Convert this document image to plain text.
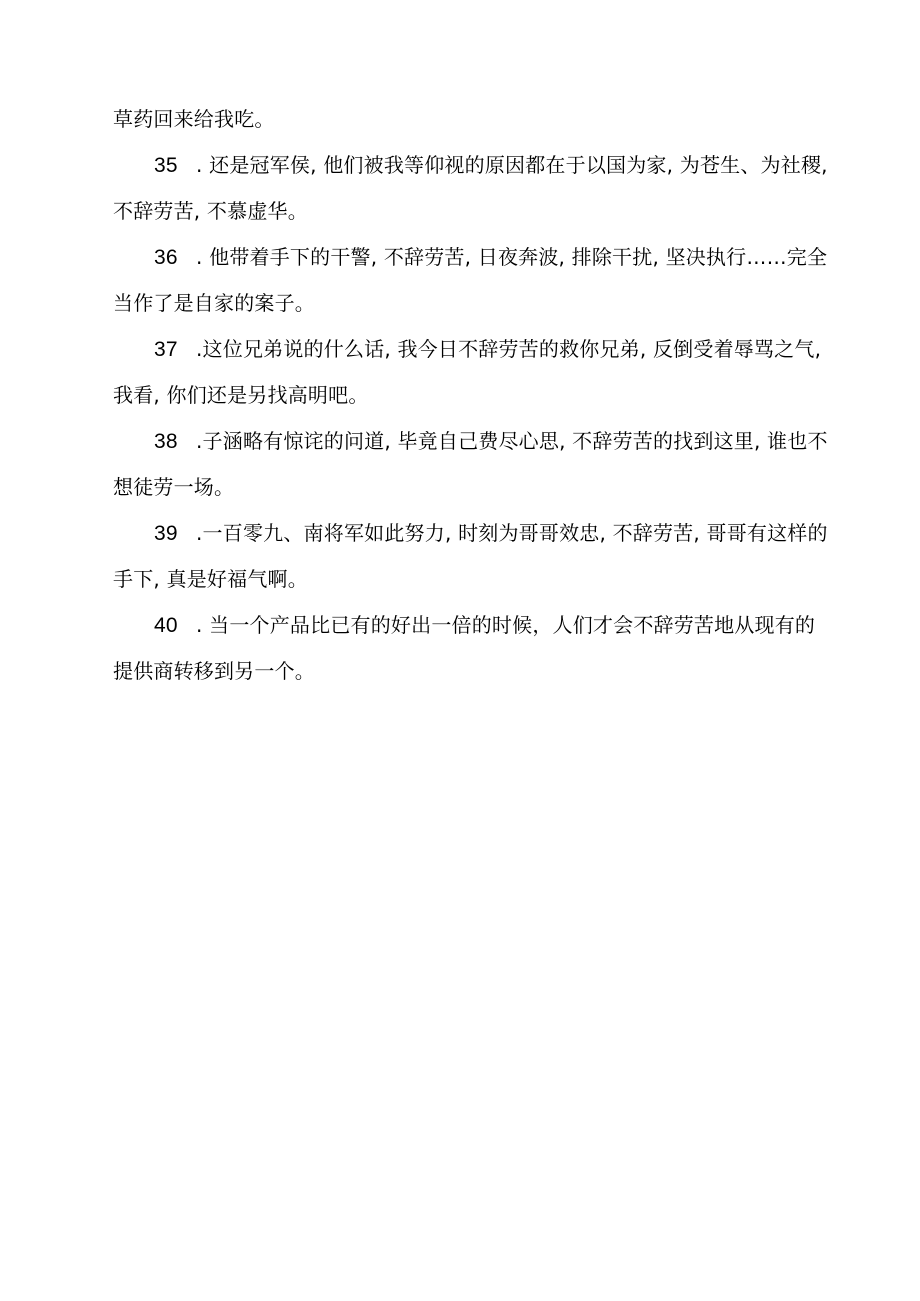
草药回来给我吃。
35 . 还是冠军侯, 他们被我等仰视的原因都在于以国为家, 为苍生、为社稷,
不辞劳苦, 不慕虚华。
36 . 他带着手下的干警, 不辞劳苦, 日夜奔波, 排除干扰, 坚决执行……完全
当作了是自家的案子。
37 .这位兄弟说的什么话, 我今日不辞劳苦的救你兄弟, 反倒受着辱骂之气,
我看, 你们还是另找高明吧。
38 .子涵略有惊诧的问道, 毕竟自己费尽心思, 不辞劳苦的找到这里, 谁也不
想徒劳一场。
39 .一百零九、南将军如此努力, 时刻为哥哥效忠, 不辞劳苦, 哥哥有这样的
手下, 真是好福气啊。
40 . 当一个产品比已有的好出一倍的时候，人们才会不辞劳苦地从现有的
提供商转移到另一个。
